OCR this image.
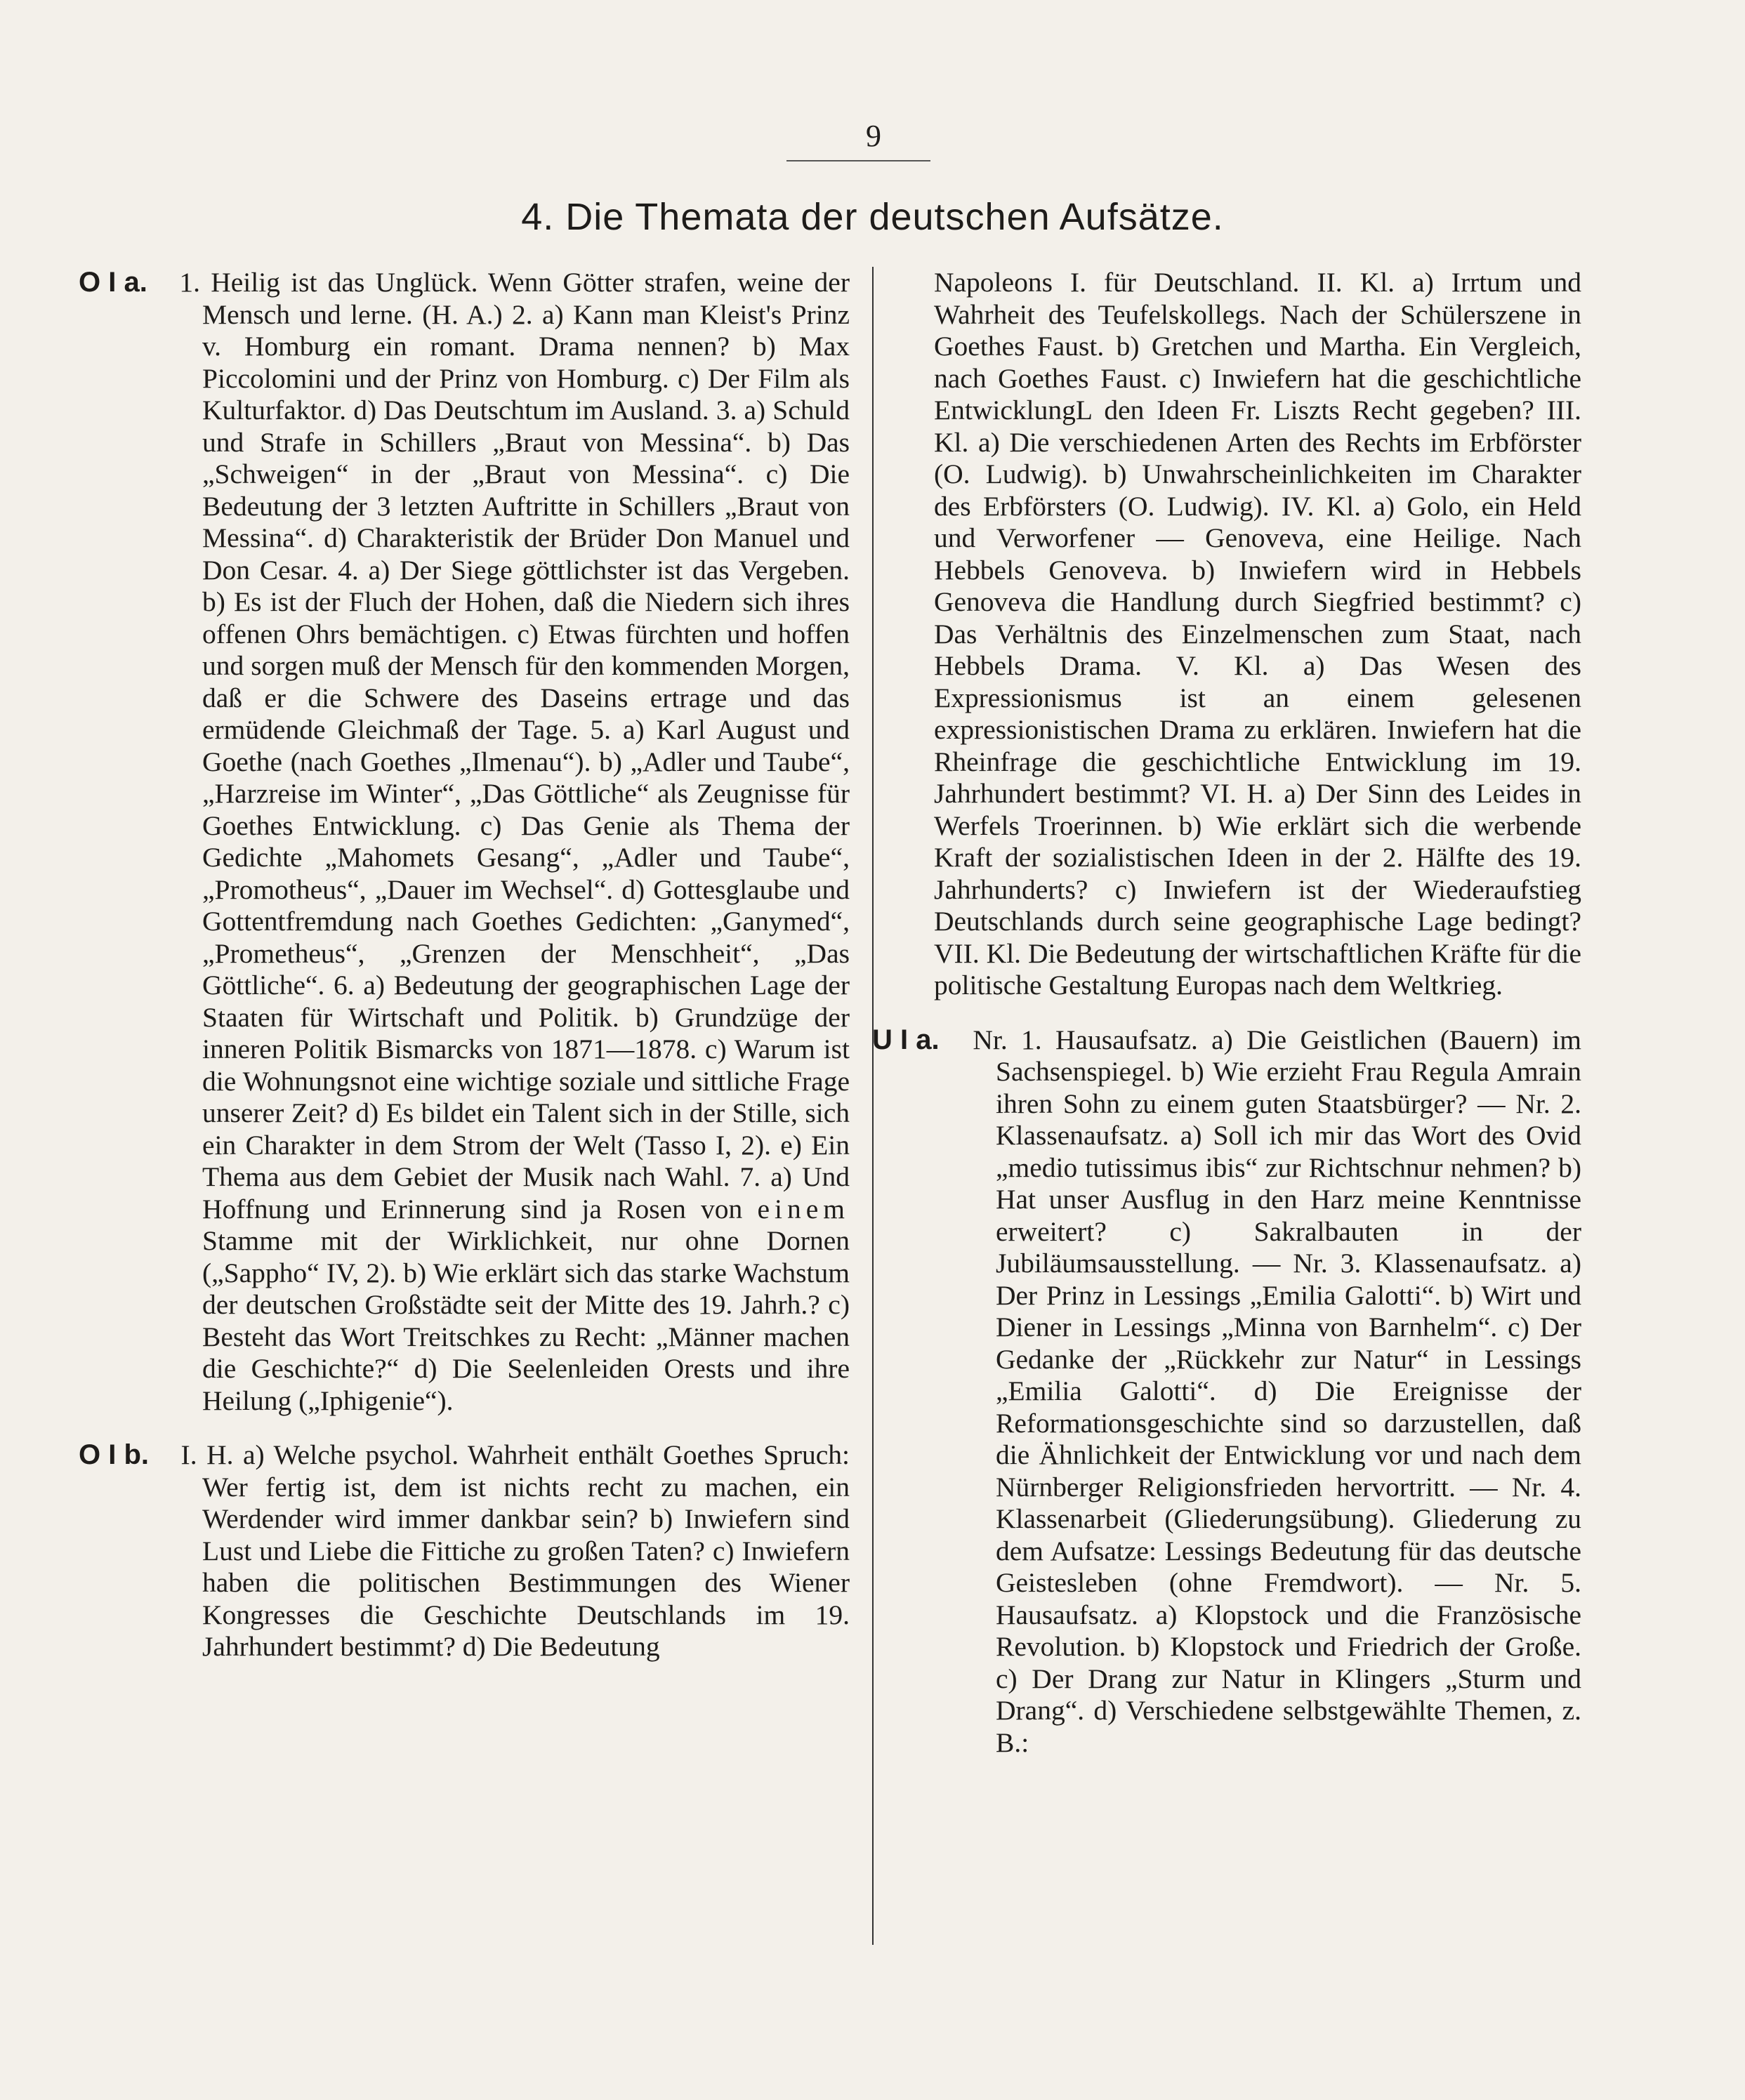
9
4. Die Themata der deutschen Aufsätze.

O I a. 1. Heilig ist das Unglück. Wenn Götter strafen, weine der Mensch und lerne. (H. A.) 2. a) Kann man Kleist's Prinz v. Homburg ein romant. Drama nennen? b) Max Piccolomini und der Prinz von Homburg. c) Der Film als Kulturfaktor. d) Das Deutschtum im Ausland. 3. a) Schuld und Strafe in Schillers „Braut von Messina“. b) Das „Schweigen“ in der „Braut von Messina“. c) Die Bedeutung der 3 letzten Auftritte in Schillers „Braut von Messina“. d) Charakteristik der Brüder Don Manuel und Don Cesar. 4. a) Der Siege göttlichster ist das Vergeben. b) Es ist der Fluch der Hohen, daß die Niedern sich ihres offenen Ohrs bemächtigen. c) Etwas fürchten und hoffen und sorgen muß der Mensch für den kommenden Morgen, daß er die Schwere des Daseins ertrage und das ermüdende Gleichmaß der Tage. 5. a) Karl August und Goethe (nach Goethes „Ilmenau“). b) „Adler und Taube“, „Harzreise im Winter“, „Das Göttliche“ als Zeugnisse für Goethes Entwicklung. c) Das Genie als Thema der Gedichte „Mahomets Gesang“, „Adler und Taube“, „Promotheus“, „Dauer im Wechsel“. d) Gottesglaube und Gottentfremdung nach Goethes Gedichten: „Ganymed“, „Prometheus“, „Grenzen der Menschheit“, „Das Göttliche“. 6. a) Bedeutung der geographischen Lage der Staaten für Wirtschaft und Politik. b) Grundzüge der inneren Politik Bismarcks von 1871—1878. c) Warum ist die Wohnungsnot eine wichtige soziale und sittliche Frage unserer Zeit? d) Es bildet ein Talent sich in der Stille, sich ein Charakter in dem Strom der Welt (Tasso I, 2). e) Ein Thema aus dem Gebiet der Musik nach Wahl. 7. a) Und Hoffnung und Erinnerung sind ja Rosen von einem Stamme mit der Wirklichkeit, nur ohne Dornen („Sappho“ IV, 2). b) Wie erklärt sich das starke Wachstum der deutschen Großstädte seit der Mitte des 19. Jahrh.? c) Besteht das Wort Treitschkes zu Recht: „Männer machen die Geschichte?“ d) Die Seelenleiden Orests und ihre Heilung („Iphigenie“).

O I b. I. H. a) Welche psychol. Wahrheit enthält Goethes Spruch: Wer fertig ist, dem ist nichts recht zu machen, ein Werdender wird immer dankbar sein? b) Inwiefern sind Lust und Liebe die Fittiche zu großen Taten? c) Inwiefern haben die politischen Bestimmungen des Wiener Kongresses die Geschichte Deutschlands im 19. Jahrhundert bestimmt? d) Die Bedeutung

Napoleons I. für Deutschland. II. Kl. a) Irrtum und Wahrheit des Teufelskollegs. Nach der Schülerszene in Goethes Faust. b) Gretchen und Martha. Ein Vergleich, nach Goethes Faust. c) Inwiefern hat die geschichtliche EntwicklungL den Ideen Fr. Liszts Recht gegeben? III. Kl. a) Die verschiedenen Arten des Rechts im Erbförster (O. Ludwig). b) Unwahrscheinlichkeiten im Charakter des Erbförsters (O. Ludwig). IV. Kl. a) Golo, ein Held und Verworfener — Genoveva, eine Heilige. Nach Hebbels Genoveva. b) Inwiefern wird in Hebbels Genoveva die Handlung durch Siegfried bestimmt? c) Das Verhältnis des Einzelmenschen zum Staat, nach Hebbels Drama. V. Kl. a) Das Wesen des Expressionismus ist an einem gelesenen expressionistischen Drama zu erklären. Inwiefern hat die Rheinfrage die geschichtliche Entwicklung im 19. Jahrhundert bestimmt? VI. H. a) Der Sinn des Leides in Werfels Troerinnen. b) Wie erklärt sich die werbende Kraft der sozialistischen Ideen in der 2. Hälfte des 19. Jahrhunderts? c) Inwiefern ist der Wiederaufstieg Deutschlands durch seine geographische Lage bedingt? VII. Kl. Die Bedeutung der wirtschaftlichen Kräfte für die politische Gestaltung Europas nach dem Weltkrieg.

U I a. Nr. 1. Hausaufsatz. a) Die Geistlichen (Bauern) im Sachsenspiegel. b) Wie erzieht Frau Regula Amrain ihren Sohn zu einem guten Staatsbürger? — Nr. 2. Klassenaufsatz. a) Soll ich mir das Wort des Ovid „medio tutissimus ibis“ zur Richtschnur nehmen? b) Hat unser Ausflug in den Harz meine Kenntnisse erweitert? c) Sakralbauten in der Jubiläumsausstellung. — Nr. 3. Klassenaufsatz. a) Der Prinz in Lessings „Emilia Galotti“. b) Wirt und Diener in Lessings „Minna von Barnhelm“. c) Der Gedanke der „Rückkehr zur Natur“ in Lessings „Emilia Galotti“. d) Die Ereignisse der Reformationsgeschichte sind so darzustellen, daß die Ähnlichkeit der Entwicklung vor und nach dem Nürnberger Religionsfrieden hervortritt. — Nr. 4. Klassenarbeit (Gliederungsübung). Gliederung zu dem Aufsatze: Lessings Bedeutung für das deutsche Geistesleben (ohne Fremdwort). — Nr. 5. Hausaufsatz. a) Klopstock und die Französische Revolution. b) Klopstock und Friedrich der Große. c) Der Drang zur Natur in Klingers „Sturm und Drang“. d) Verschiedene selbstgewählte Themen, z. B.:
